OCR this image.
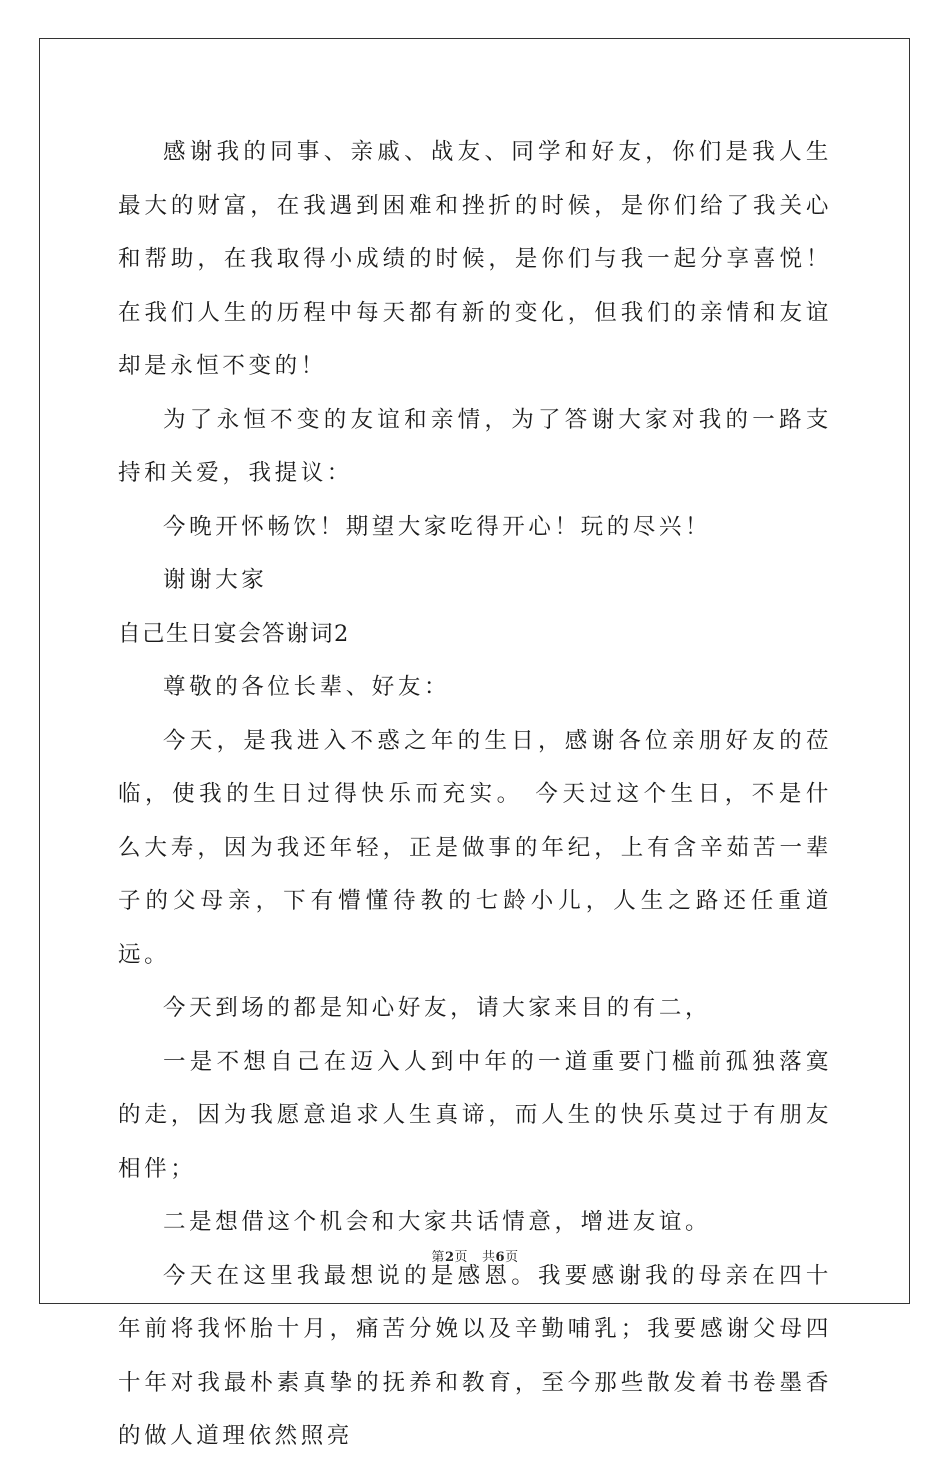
感谢我的同事、亲戚、战友、同学和好友，你们是我人生最大的财富，在我遇到困难和挫折的时候，是你们给了我关心和帮助，在我取得小成绩的时候，是你们与我一起分享喜悦！在我们人生的历程中每天都有新的变化，但我们的亲情和友谊却是永恒不变的！

为了永恒不变的友谊和亲情，为了答谢大家对我的一路支持和关爱，我提议：

今晚开怀畅饮！期望大家吃得开心！玩的尽兴！

谢谢大家

自己生日宴会答谢词2

尊敬的各位长辈、好友：

今天，是我进入不惑之年的生日，感谢各位亲朋好友的莅临，使我的生日过得快乐而充实。 今天过这个生日，不是什么大寿，因为我还年轻，正是做事的年纪，上有含辛茹苦一辈子的父母亲，下有懵懂待教的七龄小儿，人生之路还任重道远。

今天到场的都是知心好友，请大家来目的有二，

一是不想自己在迈入人到中年的一道重要门槛前孤独落寞的走，因为我愿意追求人生真谛，而人生的快乐莫过于有朋友相伴；

二是想借这个机会和大家共话情意，增进友谊。

今天在这里我最想说的是感恩。我要感谢我的母亲在四十年前将我怀胎十月，痛苦分娩以及辛勤哺乳；我要感谢父母四十年对我最朴素真挚的抚养和教育，至今那些散发着书卷墨香的做人道理依然照亮

第2页 共6页
